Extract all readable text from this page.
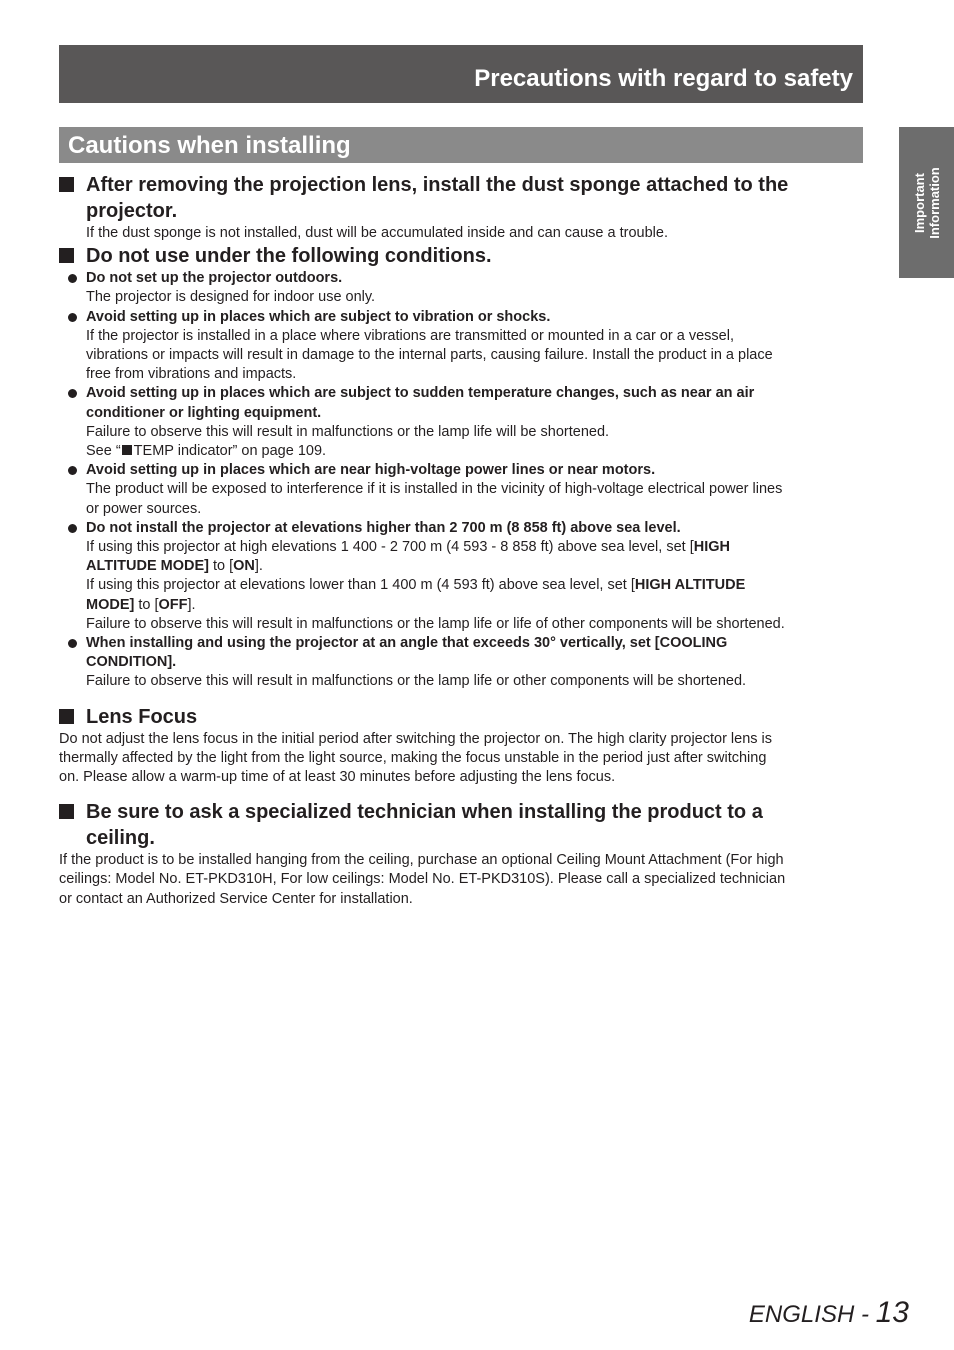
Precautions with regard to safety
Important Information
Cautions when installing
After removing the projection lens, install the dust sponge attached to the
projector.
If the dust sponge is not installed, dust will be accumulated inside and can cause a trouble.
Do not use under the following conditions.
Do not set up the projector outdoors.
The projector is designed for indoor use only.
Avoid setting up in places which are subject to vibration or shocks.
If the projector is installed in a place where vibrations are transmitted or mounted in a car or a vessel,
vibrations or impacts will result in damage to the internal parts, causing failure. Install the product in a place
free from vibrations and impacts.
Avoid setting up in places which are subject to sudden temperature changes, such as near an air
conditioner or lighting equipment.
Failure to observe this will result in malfunctions or the lamp life will be shortened.
See “ TEMP indicator” on page 109.
Avoid setting up in places which are near high-voltage power lines or near motors.
The product will be exposed to interference if it is installed in the vicinity of high-voltage electrical power lines
or power sources.
Do not install the projector at elevations higher than 2 700 m (8 858 ft) above sea level.
If using this projector at high elevations 1 400 - 2 700 m (4 593 - 8 858 ft) above sea level, set [HIGH
ALTITUDE MODE] to [ON].
If using this projector at elevations lower than 1 400 m (4 593 ft) above sea level, set [HIGH ALTITUDE
MODE] to [OFF].
Failure to observe this will result in malfunctions or the lamp life or life of other components will be shortened.
When installing and using the projector at an angle that exceeds 30° vertically, set [COOLING
CONDITION].
Failure to observe this will result in malfunctions or the lamp life or other components will be shortened.
Lens Focus
Do not adjust the lens focus in the initial period after switching the projector on. The high clarity projector lens is
thermally affected by the light from the light source, making the focus unstable in the period just after switching
on. Please allow a warm-up time of at least 30 minutes before adjusting the lens focus.
Be sure to ask a specialized technician when installing the product to a
ceiling.
If the product is to be installed hanging from the ceiling, purchase an optional Ceiling Mount Attachment (For high
ceilings: Model No. ET-PKD310H, For low ceilings: Model No. ET-PKD310S). Please call a specialized technician
or contact an Authorized Service Center for installation.
ENGLISH - 13
